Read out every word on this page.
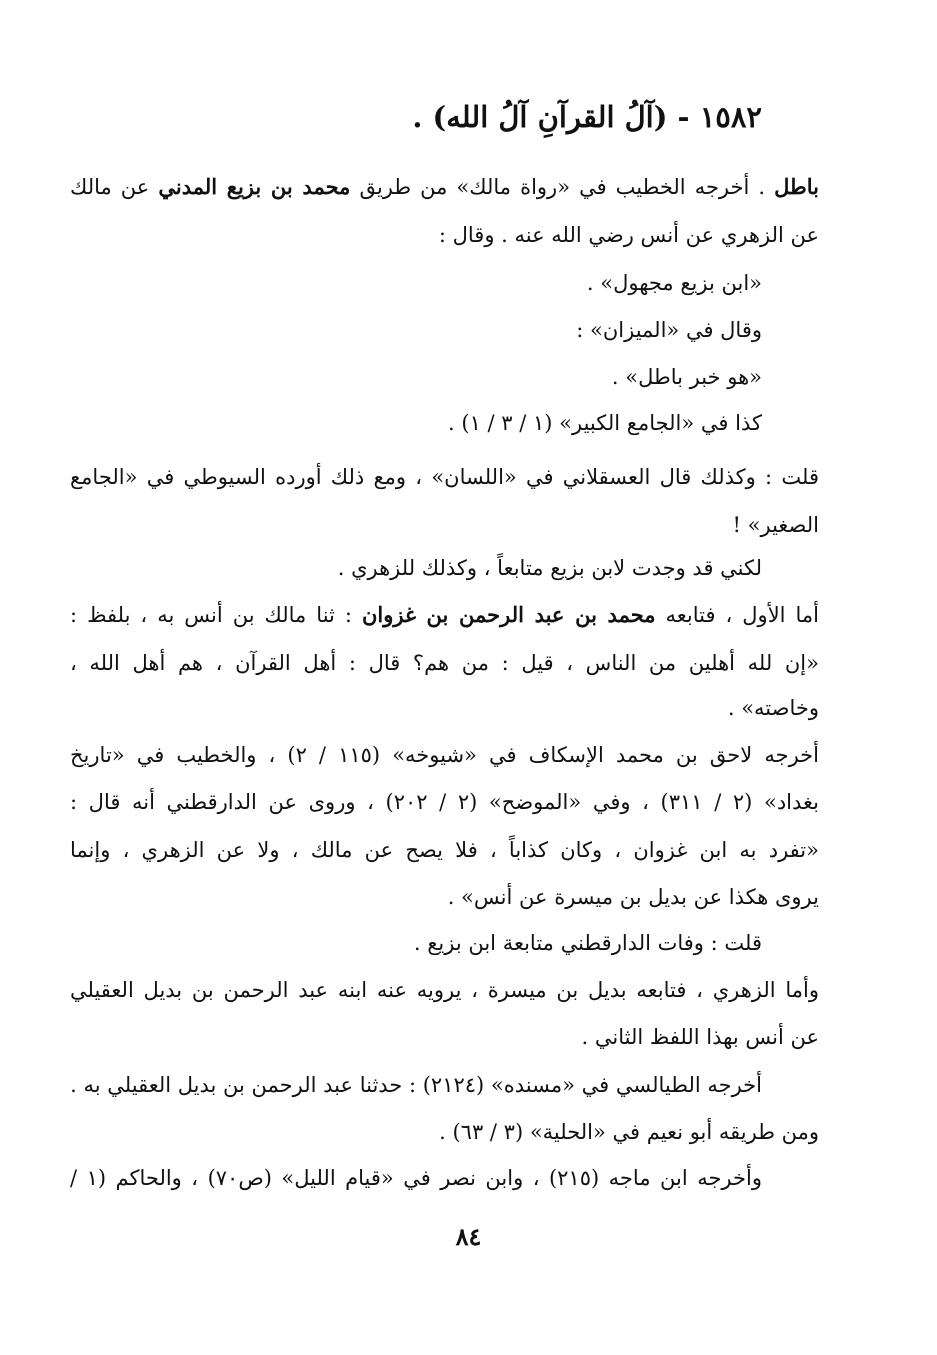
١٥٨٢ - (آلُ القرآنِ آلُ الله) .
باطل . أخرجه الخطيب في «رواة مالك» من طريق محمد بن بزيع المدني عن مالك
عن الزهري عن أنس رضي الله عنه . وقال :
«ابن بزيع مجهول» .
وقال في «الميزان» :
«هو خبر باطل» .
كذا في «الجامع الكبير» (١ / ٣ / ١) .
قلت : وكذلك قال العسقلاني في «اللسان» ، ومع ذلك أورده السيوطي في «الجامع
الصغير» !
لكني قد وجدت لابن بزيع متابعاً ، وكذلك للزهري .
أما الأول ، فتابعه محمد بن عبد الرحمن بن غزوان : ثنا مالك بن أنس به ، بلفظ :
«إن لله أهلين من الناس ، قيل : من هم؟ قال : أهل القرآن ، هم أهل الله ،
وخاصته» .
أخرجه لاحق بن محمد الإسكاف في «شيوخه» (١١٥ / ٢) ، والخطيب في «تاريخ
بغداد» (٢ / ٣١١) ، وفي «الموضح» (٢ / ٢٠٢) ، وروى عن الدارقطني أنه قال :
«تفرد به ابن غزوان ، وكان كذاباً ، فلا يصح عن مالك ، ولا عن الزهري ، وإنما
يروى هكذا عن بديل بن ميسرة عن أنس» .
قلت : وفات الدارقطني متابعة ابن بزيع .
وأما الزهري ، فتابعه بديل بن ميسرة ، يرويه عنه ابنه عبد الرحمن بن بديل العقيلي
عن أنس بهذا اللفظ الثاني .
أخرجه الطيالسي في «مسنده» (٢١٢٤) : حدثنا عبد الرحمن بن بديل العقيلي به .
ومن طريقه أبو نعيم في «الحلية» (٣ / ٦٣) .
وأخرجه ابن ماجه (٢١٥) ، وابن نصر في «قيام الليل» (ص٧٠) ، والحاكم (١ /
٨٤
